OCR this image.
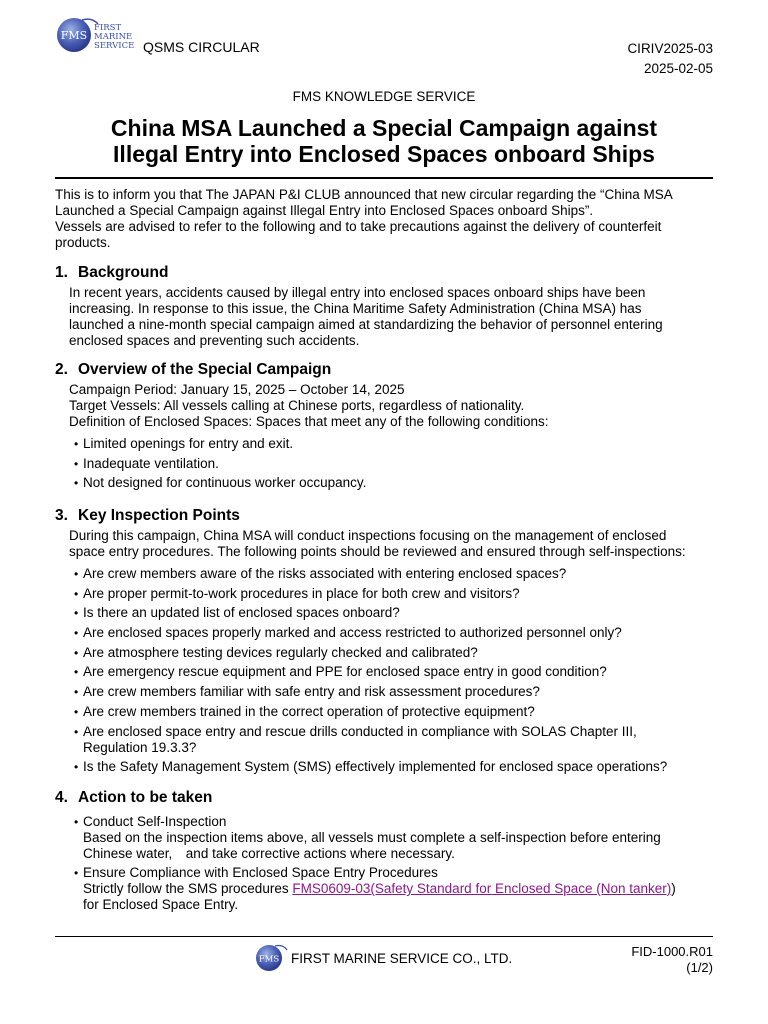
FMS
FIRST
MARINE
SERVICE QSMS CIRCULAR	CIRIV2025-03
2025-02-05
FMS KNOWLEDGE SERVICE
China MSA Launched a Special Campaign against
Illegal Entry into Enclosed Spaces onboard Ships
This is to inform you that The JAPAN P&I CLUB announced that new circular regarding the “China MSA
Launched a Special Campaign against Illegal Entry into Enclosed Spaces onboard Ships”.
Vessels are advised to refer to the following and to take precautions against the delivery of counterfeit
products.
1. Background
In recent years, accidents caused by illegal entry into enclosed spaces onboard ships have been
increasing. In response to this issue, the China Maritime Safety Administration (China MSA) has
launched a nine-month special campaign aimed at standardizing the behavior of personnel entering
enclosed spaces and preventing such accidents.
2. Overview of the Special Campaign
Campaign Period: January 15, 2025 – October 14, 2025
Target Vessels: All vessels calling at Chinese ports, regardless of nationality.
Definition of Enclosed Spaces: Spaces that meet any of the following conditions:
• Limited openings for entry and exit.
• Inadequate ventilation.
• Not designed for continuous worker occupancy.
3. Key Inspection Points
During this campaign, China MSA will conduct inspections focusing on the management of enclosed
space entry procedures. The following points should be reviewed and ensured through self-inspections:
• Are crew members aware of the risks associated with entering enclosed spaces?
• Are proper permit-to-work procedures in place for both crew and visitors?
• Is there an updated list of enclosed spaces onboard?
• Are enclosed spaces properly marked and access restricted to authorized personnel only?
• Are atmosphere testing devices regularly checked and calibrated?
• Are emergency rescue equipment and PPE for enclosed space entry in good condition?
• Are crew members familiar with safe entry and risk assessment procedures?
• Are crew members trained in the correct operation of protective equipment?
• Are enclosed space entry and rescue drills conducted in compliance with SOLAS Chapter III,
Regulation 19.3.3?
• Is the Safety Management System (SMS) effectively implemented for enclosed space operations?
4. Action to be taken
• Conduct Self-Inspection
Based on the inspection items above, all vessels must complete a self-inspection before entering
Chinese water,　and take corrective actions where necessary.
• Ensure Compliance with Enclosed Space Entry Procedures
Strictly follow the SMS procedures FMS0609-03(Safety Standard for Enclosed Space (Non tanker))
for Enclosed Space Entry.
FMS FIRST MARINE SERVICE CO., LTD.	FID-1000.R01
(1/2)
